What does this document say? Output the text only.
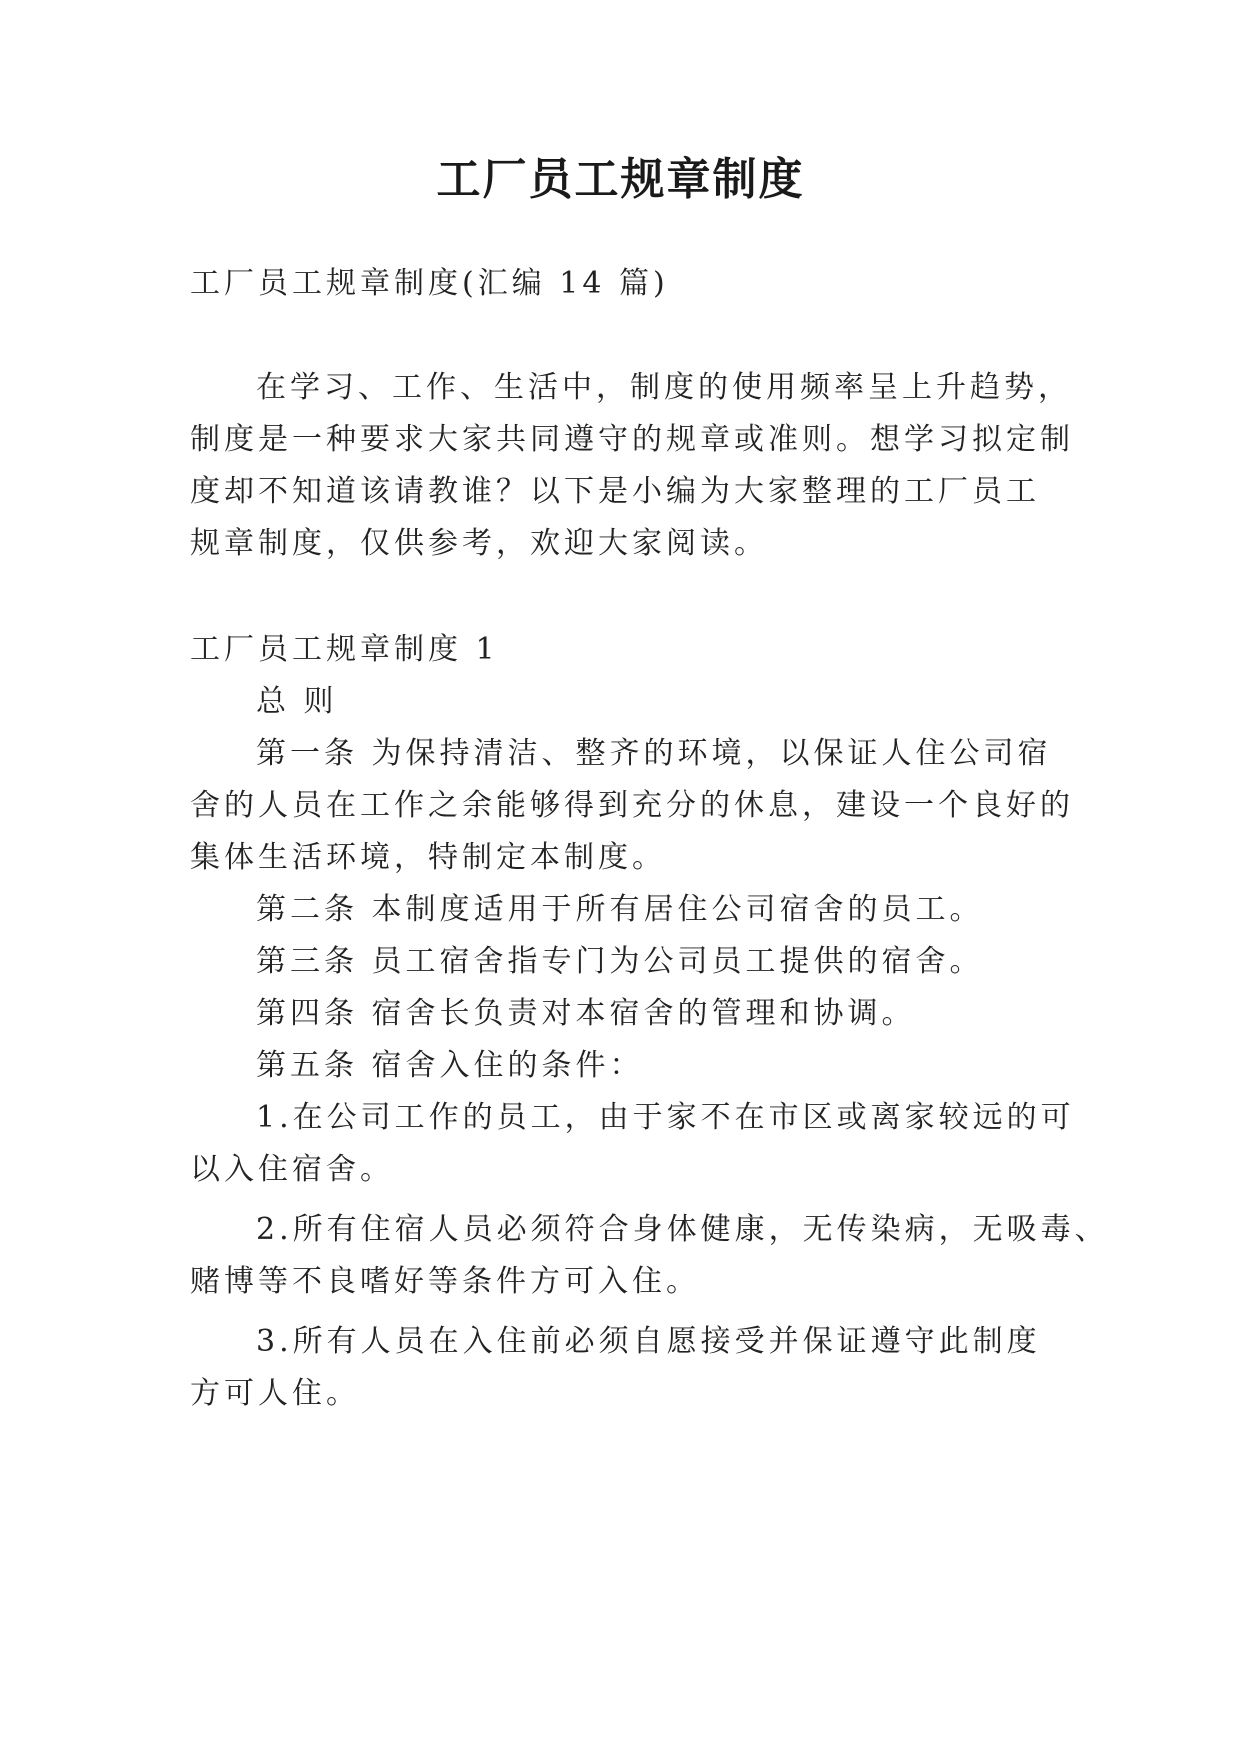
工厂员工规章制度

工厂员工规章制度(汇编 14 篇)

在学习、工作、生活中，制度的使用频率呈上升趋势，

制度是一种要求大家共同遵守的规章或准则。想学习拟定制

度却不知道该请教谁？以下是小编为大家整理的工厂员工

规章制度，仅供参考，欢迎大家阅读。

工厂员工规章制度 1

总 则

第一条 为保持清洁、整齐的环境，以保证人住公司宿

舍的人员在工作之余能够得到充分的休息，建设一个良好的

集体生活环境，特制定本制度。

第二条 本制度适用于所有居住公司宿舍的员工。

第三条 员工宿舍指专门为公司员工提供的宿舍。

第四条 宿舍长负责对本宿舍的管理和协调。

第五条 宿舍入住的条件：

1.在公司工作的员工，由于家不在市区或离家较远的可

以入住宿舍。

2.所有住宿人员必须符合身体健康，无传染病，无吸毒、

赌博等不良嗜好等条件方可入住。

3.所有人员在入住前必须自愿接受并保证遵守此制度

方可人住。
